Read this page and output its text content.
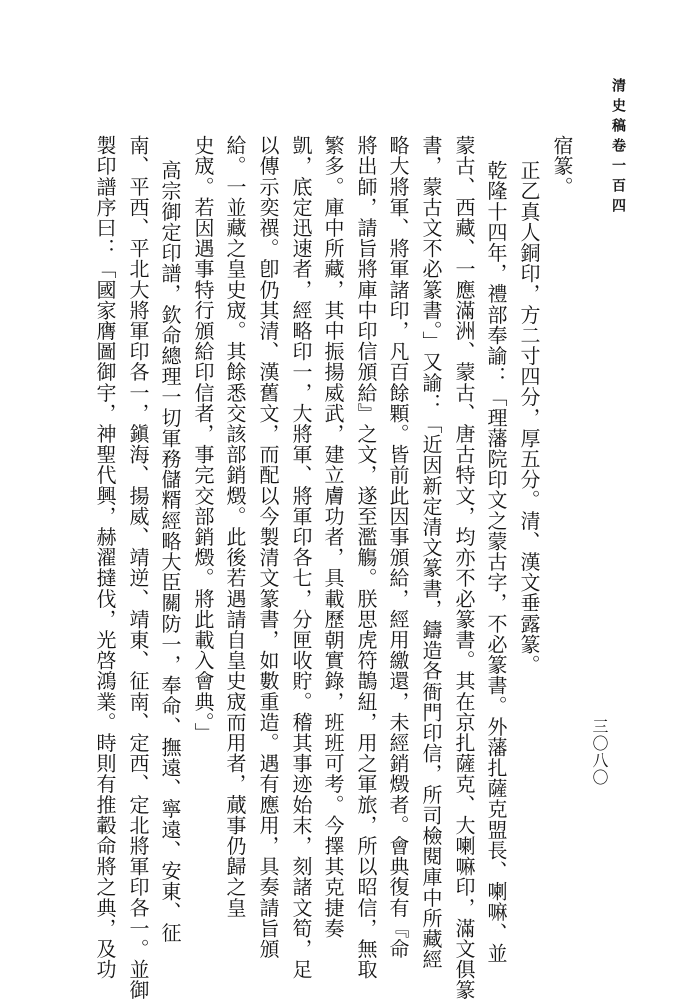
清史稿卷一百四
三〇八〇
宿篆。
正乙真人銅印，方二寸四分，厚五分。清、漢文垂露篆。
乾隆十四年，禮部奉諭：「理藩院印文之蒙古字，不必篆書。外藩扎薩克盟長、喇嘛、並
蒙古、西藏、一應滿洲、蒙古、唐古特文，均亦不必篆書。其在京扎薩克、大喇嘛印，滿文俱篆
書，蒙古文不必篆書。」又諭：「近因新定清文篆書，鑄造各衙門印信，所司檢閱庫中所藏經
略大將軍、將軍諸印，凡百餘顆。皆前此因事頒給，經用繳還，未經銷燬者。會典復有『命
將出師，請旨將庫中印信頒給』之文，遂至濫觴。朕思虎符鵲紐，用之軍旅，所以昭信，無取
繁多。庫中所藏，其中振揚威武，建立膚功者，具載歷朝實錄，班班可考。今擇其克捷奏
凱，底定迅速者，經略印一，大將軍、將軍印各七，分匣收貯。稽其事迹始末，刻諸文筍，足
以傳示奕禩。卽仍其清、漢舊文，而配以今製清文篆書，如數重造。遇有應用，具奏請旨頒
給。一並藏之皇史宬。其餘悉交該部銷燬。此後若遇請自皇史宬而用者，蕆事仍歸之皇
史宬。若因遇事特行頒給印信者，事完交部銷燬。將此載入會典。」
高宗御定印譜，欽命總理一切軍務儲糈經略大臣關防一，奉命、撫遠、寧遠、安東、征
南、平西、平北大將軍印各一，鎭海、揚威、靖逆、靖東、征南、定西、定北將軍印各一。並御
製印譜序曰：「國家膺圖御宇，神聖代興，赫濯撻伐，光啓鴻業。時則有推轂命將之典，及功
